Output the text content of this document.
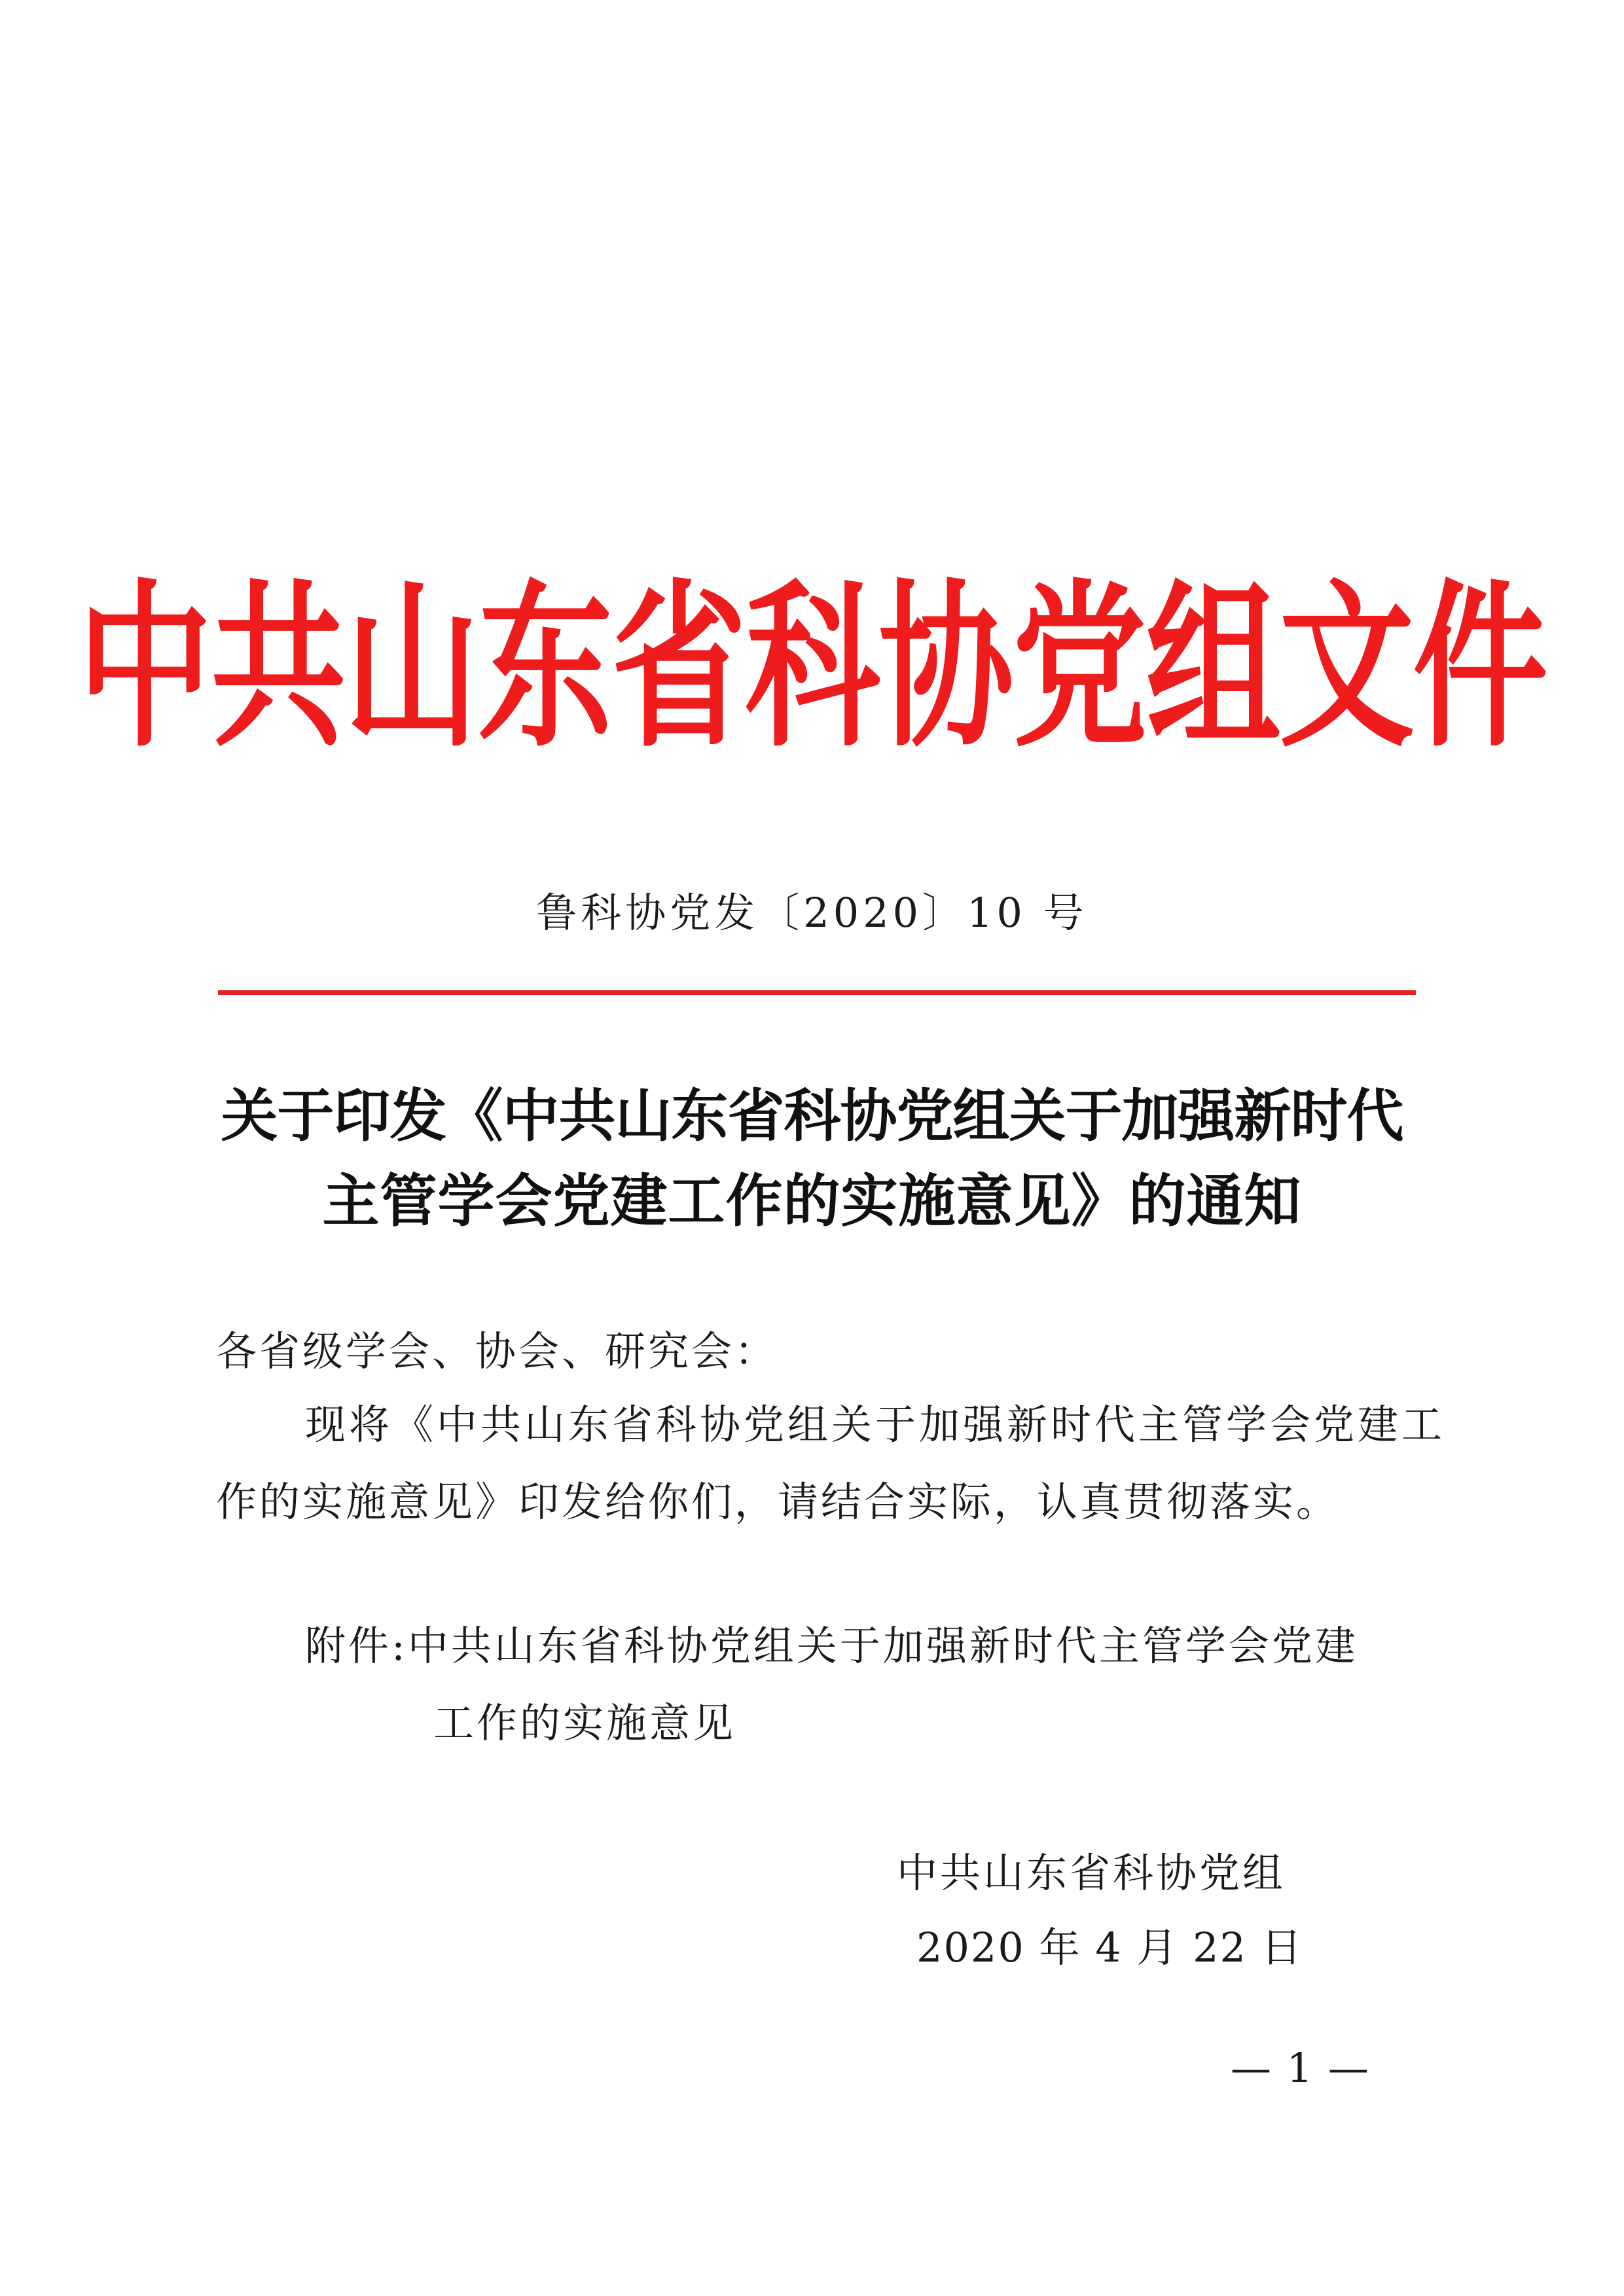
中共山东省科协党组文件
鲁科协党发〔2020〕10 号
关于印发《中共山东省科协党组关于加强新时代
主管学会党建工作的实施意见》的通知
各省级学会、协会、研究会：
现将《中共山东省科协党组关于加强新时代主管学会党建工
作的实施意见》印发给你们，请结合实际，认真贯彻落实。
附件:中共山东省科协党组关于加强新时代主管学会党建
工作的实施意见
中共山东省科协党组
2020 年 4 月 22 日
— 1 —
